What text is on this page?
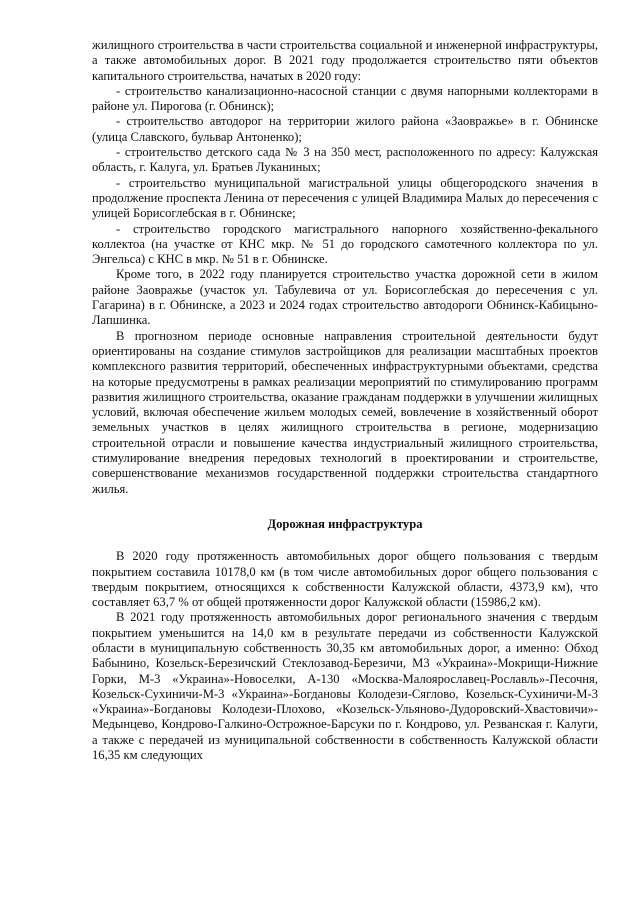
жилищного строительства в части строительства социальной и инженерной инфраструктуры, а также автомобильных дорог. В 2021 году продолжается строительство пяти объектов капитального строительства, начатых в 2020 году:

- строительство канализационно-насосной станции с двумя напорными коллекторами в районе ул. Пирогова (г. Обнинск);

- строительство автодорог на территории жилого района «Заовражье» в г. Обнинске (улица Славского, бульвар Антоненко);

- строительство детского сада № 3 на 350 мест, расположенного по адресу: Калужская область, г. Калуга, ул. Братьев Луканиных;

- строительство муниципальной магистральной улицы общегородского значения в продолжение проспекта Ленина от пересечения с улицей Владимира Малых до пересечения с улицей Борисоглебская в г. Обнинске;

- строительство городского магистрального напорного хозяйственно-фекального коллектоа (на участке от КНС мкр. № 51 до городского самотечного коллектора по ул. Энгельса) с КНС в мкр. № 51 в г. Обнинске.

Кроме того, в 2022 году планируется строительство участка дорожной сети в жилом районе Заовражье (участок ул. Табулевича от ул. Борисоглебская до пересечения с ул. Гагарина) в г. Обнинске, а 2023 и 2024 годах строительство автодороги Обнинск-Кабицыно-Лапшинка.

В прогнозном периоде основные направления строительной деятельности будут ориентированы на создание стимулов застройщиков для реализации масштабных проектов комплексного развития территорий, обеспеченных инфраструктурными объектами, средства на которые предусмотрены в рамках реализации мероприятий по стимулированию программ развития жилищного строительства, оказание гражданам поддержки в улучшении жилищных условий, включая обеспечение жильем молодых семей, вовлечение в хозяйственный оборот земельных участков в целях жилищного строительства в регионе, модернизацию строительной отрасли и повышение качества индустриальный жилищного строительства, стимулирование внедрения передовых технологий в проектировании и строительстве, совершенствование механизмов государственной поддержки строительства стандартного жилья.

Дорожная инфраструктура

В 2020 году протяженность автомобильных дорог общего пользования с твердым покрытием составила 10178,0 км (в том числе автомобильных дорог общего пользования с твердым покрытием, относящихся к собственности Калужской области, 4373,9 км), что составляет 63,7 % от общей протяженности дорог Калужской области (15986,2 км).

В 2021 году протяженность автомобильных дорог регионального значения с твердым покрытием уменьшится на 14,0 км в результате передачи из собственности Калужской области в муниципальную собственность 30,35 км автомобильных дорог, а именно: Обход Бабынино, Козельск-Березичский Стеклозавод-Березичи, М3 «Украина»-Мокрищи-Нижние Горки, М-3 «Украина»-Новоселки, А-130 «Москва-Малоярославец-Рославль»-Песочня, Козельск-Сухиничи-М-3 «Украина»-Богдановы Колодези-Сяглово, Козельск-Сухиничи-М-3 «Украина»-Богдановы Колодези-Плохово, «Козельск-Ульяново-Дудоровский-Хвастовичи»-Медынцево, Кондрово-Галкино-Острожное-Барсуки по г. Кондрово, ул. Резванская г. Калуги, а также с передачей из муниципальной собственности в собственность Калужской области 16,35 км следующих
